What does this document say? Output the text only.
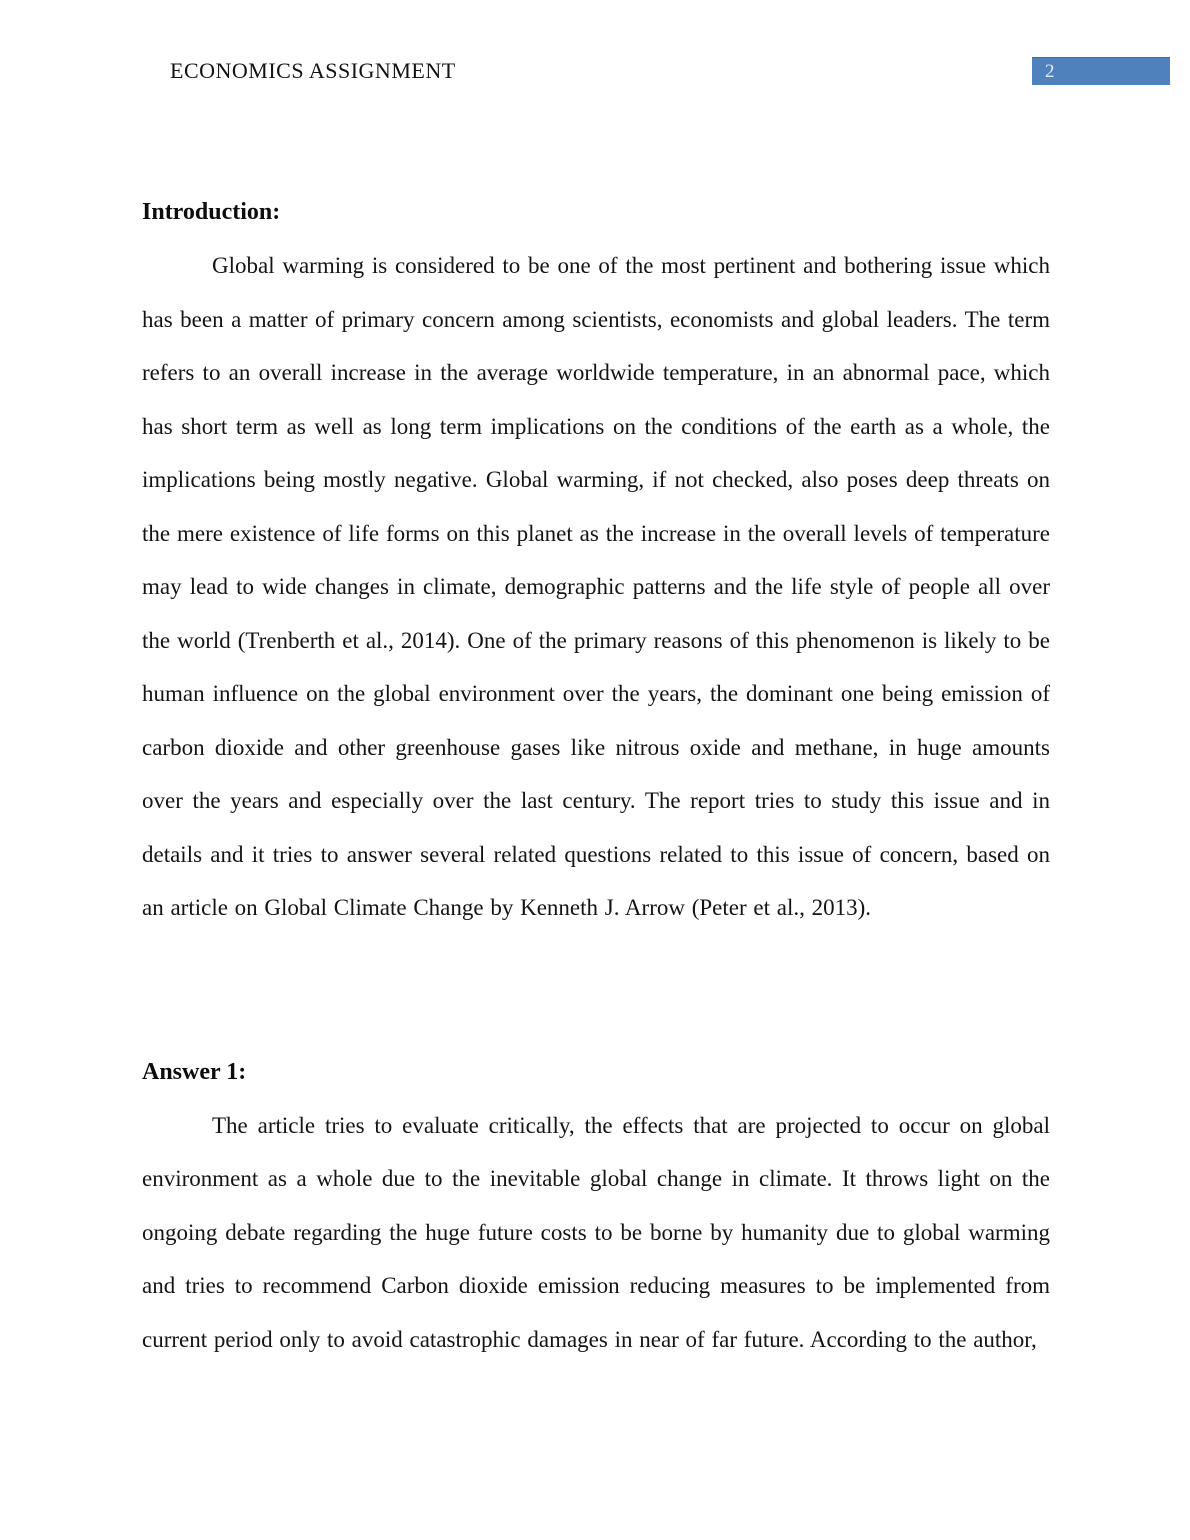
ECONOMICS ASSIGNMENT	2
Introduction:

Global warming is considered to be one of the most pertinent and bothering issue which has been a matter of primary concern among scientists, economists and global leaders. The term refers to an overall increase in the average worldwide temperature, in an abnormal pace, which has short term as well as long term implications on the conditions of the earth as a whole, the implications being mostly negative. Global warming, if not checked, also poses deep threats on the mere existence of life forms on this planet as the increase in the overall levels of temperature may lead to wide changes in climate, demographic patterns and the life style of people all over the world (Trenberth et al., 2014). One of the primary reasons of this phenomenon is likely to be human influence on the global environment over the years, the dominant one being emission of carbon dioxide and other greenhouse gases like nitrous oxide and methane, in huge amounts over the years and especially over the last century. The report tries to study this issue and in details and it tries to answer several related questions related to this issue of concern, based on an article on Global Climate Change by Kenneth J. Arrow (Peter et al., 2013).

Answer 1:

The article tries to evaluate critically, the effects that are projected to occur on global environment as a whole due to the inevitable global change in climate. It throws light on the ongoing debate regarding the huge future costs to be borne by humanity due to global warming and tries to recommend Carbon dioxide emission reducing measures to be implemented from current period only to avoid catastrophic damages in near of far future. According to the author,
